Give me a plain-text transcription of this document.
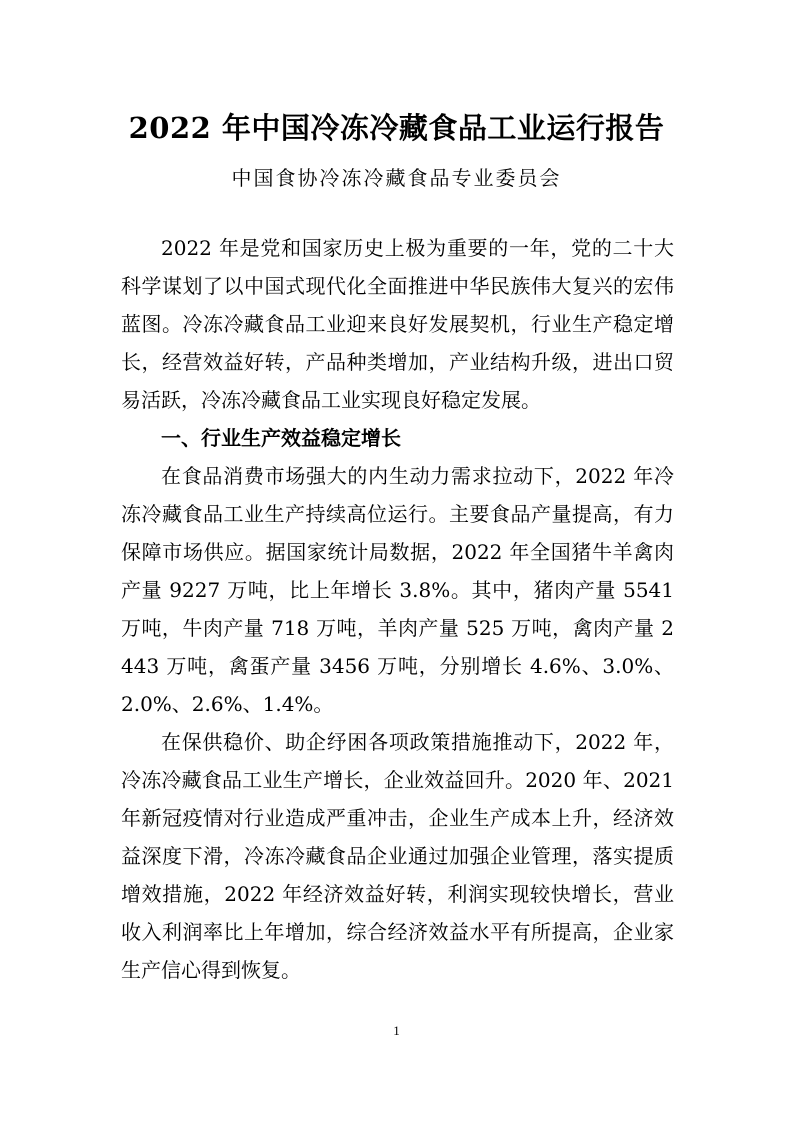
2022 年中国冷冻冷藏食品工业运行报告
中国食协冷冻冷藏食品专业委员会

2022 年是党和国家历史上极为重要的一年，党的二十大科学谋划了以中国式现代化全面推进中华民族伟大复兴的宏伟蓝图。冷冻冷藏食品工业迎来良好发展契机，行业生产稳定增长，经营效益好转，产品种类增加，产业结构升级，进出口贸易活跃，冷冻冷藏食品工业实现良好稳定发展。

一、行业生产效益稳定增长

在食品消费市场强大的内生动力需求拉动下，2022 年冷冻冷藏食品工业生产持续高位运行。主要食品产量提高，有力保障市场供应。据国家统计局数据，2022 年全国猪牛羊禽肉产量 9227 万吨，比上年增长 3.8%。其中，猪肉产量 5541 万吨，牛肉产量 718 万吨，羊肉产量 525 万吨，禽肉产量 2443 万吨，禽蛋产量 3456 万吨，分别增长 4.6%、3.0%、2.0%、2.6%、1.4%。

在保供稳价、助企纾困各项政策措施推动下，2022 年，冷冻冷藏食品工业生产增长，企业效益回升。2020 年、2021 年新冠疫情对行业造成严重冲击，企业生产成本上升，经济效益深度下滑，冷冻冷藏食品企业通过加强企业管理，落实提质增效措施，2022 年经济效益好转，利润实现较快增长，营业收入利润率比上年增加，综合经济效益水平有所提高，企业家生产信心得到恢复。

1
